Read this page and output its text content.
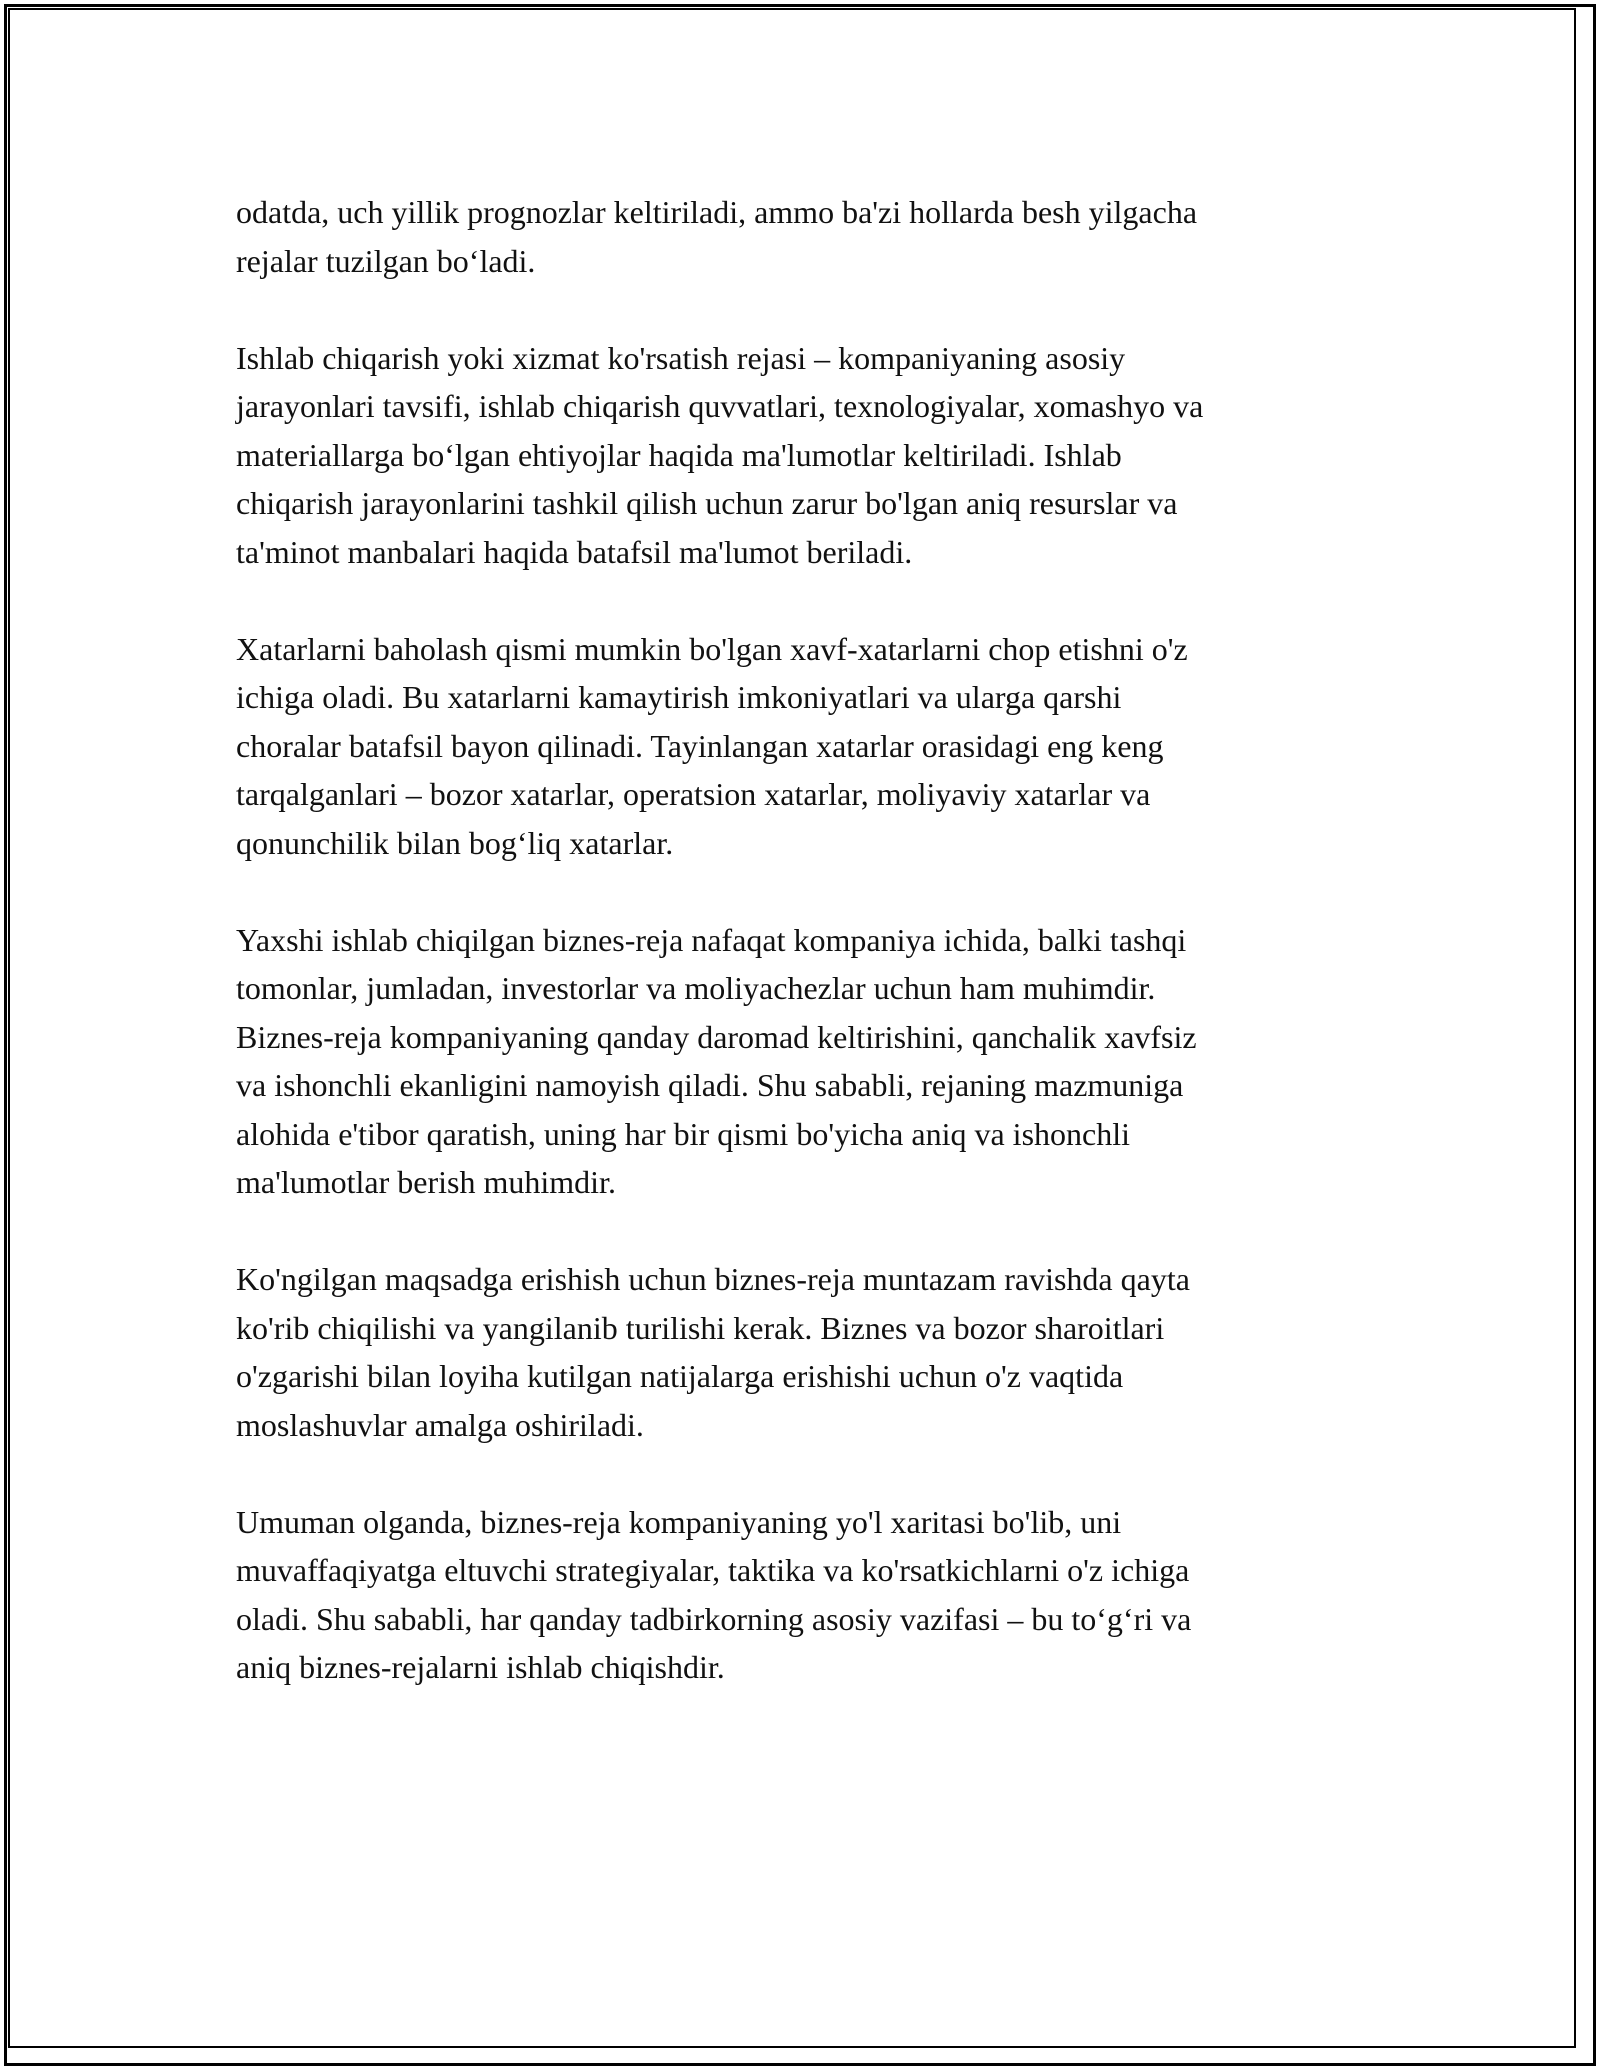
odatda, uch yillik prognozlar keltiriladi, ammo ba'zi hollarda besh yilgacha
rejalar tuzilgan bo‘ladi.

Ishlab chiqarish yoki xizmat ko'rsatish rejasi – kompaniyaning asosiy
jarayonlari tavsifi, ishlab chiqarish quvvatlari, texnologiyalar, xomashyo va
materiallarga bo‘lgan ehtiyojlar haqida ma'lumotlar keltiriladi. Ishlab
chiqarish jarayonlarini tashkil qilish uchun zarur bo'lgan aniq resurslar va
ta'minot manbalari haqida batafsil ma'lumot beriladi.

Xatarlarni baholash qismi mumkin bo'lgan xavf-xatarlarni chop etishni o'z
ichiga oladi. Bu xatarlarni kamaytirish imkoniyatlari va ularga qarshi
choralar batafsil bayon qilinadi. Tayinlangan xatarlar orasidagi eng keng
tarqalganlari – bozor xatarlar, operatsion xatarlar, moliyaviy xatarlar va
qonunchilik bilan bog‘liq xatarlar.

Yaxshi ishlab chiqilgan biznes-reja nafaqat kompaniya ichida, balki tashqi
tomonlar, jumladan, investorlar va moliyachezlar uchun ham muhimdir.
Biznes-reja kompaniyaning qanday daromad keltirishini, qanchalik xavfsiz
va ishonchli ekanligini namoyish qiladi. Shu sababli, rejaning mazmuniga
alohida e'tibor qaratish, uning har bir qismi bo'yicha aniq va ishonchli
ma'lumotlar berish muhimdir.

Ko'ngilgan maqsadga erishish uchun biznes-reja muntazam ravishda qayta
ko'rib chiqilishi va yangilanib turilishi kerak. Biznes va bozor sharoitlari
o'zgarishi bilan loyiha kutilgan natijalarga erishishi uchun o'z vaqtida
moslashuvlar amalga oshiriladi.

Umuman olganda, biznes-reja kompaniyaning yo'l xaritasi bo'lib, uni
muvaffaqiyatga eltuvchi strategiyalar, taktika va ko'rsatkichlarni o'z ichiga
oladi. Shu sababli, har qanday tadbirkorning asosiy vazifasi – bu to‘g‘ri va
aniq biznes-rejalarni ishlab chiqishdir.
